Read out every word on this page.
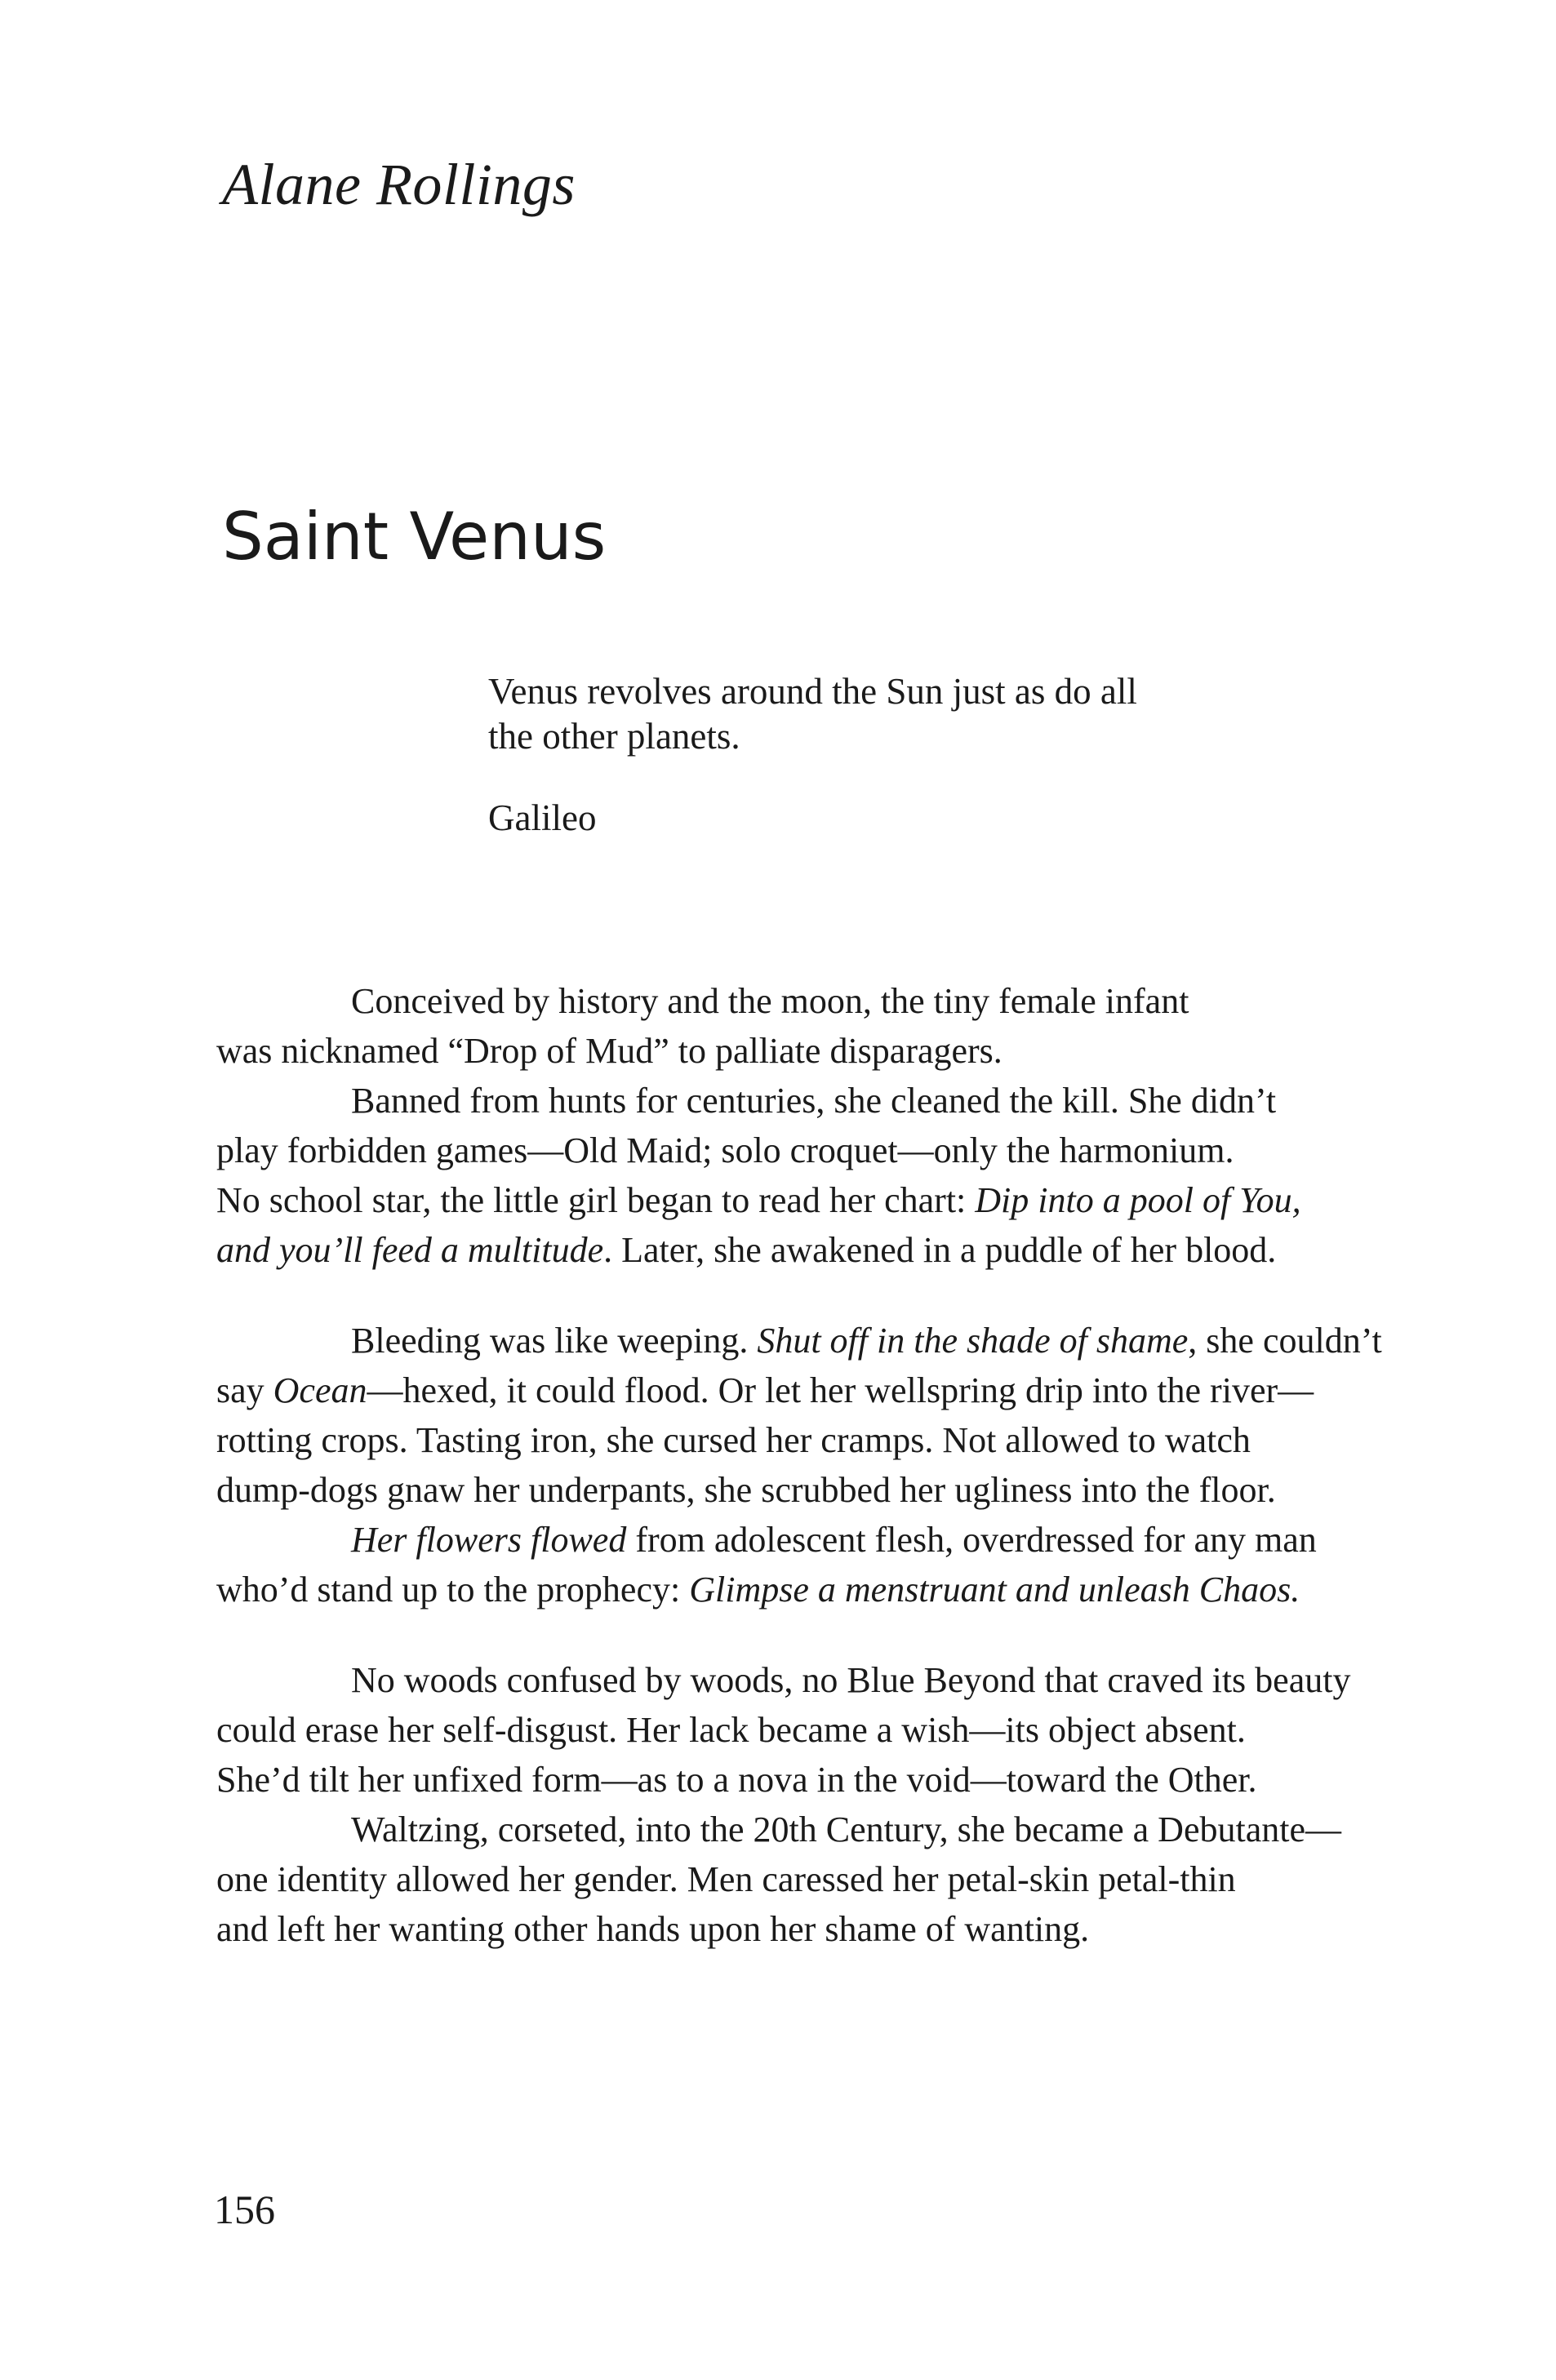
Alane Rollings
Saint Venus
Venus revolves around the Sun just as do all
the other planets.
Galileo
Conceived by history and the moon, the tiny female infant
was nicknamed “Drop of Mud” to palliate disparagers.
Banned from hunts for centuries, she cleaned the kill. She didn’t
play forbidden games—Old Maid; solo croquet—only the harmonium.
No school star, the little girl began to read her chart: Dip into a pool of You,
and you’ll feed a multitude. Later, she awakened in a puddle of her blood.
Bleeding was like weeping. Shut off in the shade of shame, she couldn’t
say Ocean—hexed, it could flood. Or let her wellspring drip into the river—
rotting crops. Tasting iron, she cursed her cramps. Not allowed to watch
dump-dogs gnaw her underpants, she scrubbed her ugliness into the floor.
Her flowers flowed from adolescent flesh, overdressed for any man
who’d stand up to the prophecy: Glimpse a menstruant and unleash Chaos.
No woods confused by woods, no Blue Beyond that craved its beauty
could erase her self-disgust. Her lack became a wish—its object absent.
She’d tilt her unfixed form—as to a nova in the void—toward the Other.
Waltzing, corseted, into the 20th Century, she became a Debutante—
one identity allowed her gender. Men caressed her petal-skin petal-thin
and left her wanting other hands upon her shame of wanting.
156
